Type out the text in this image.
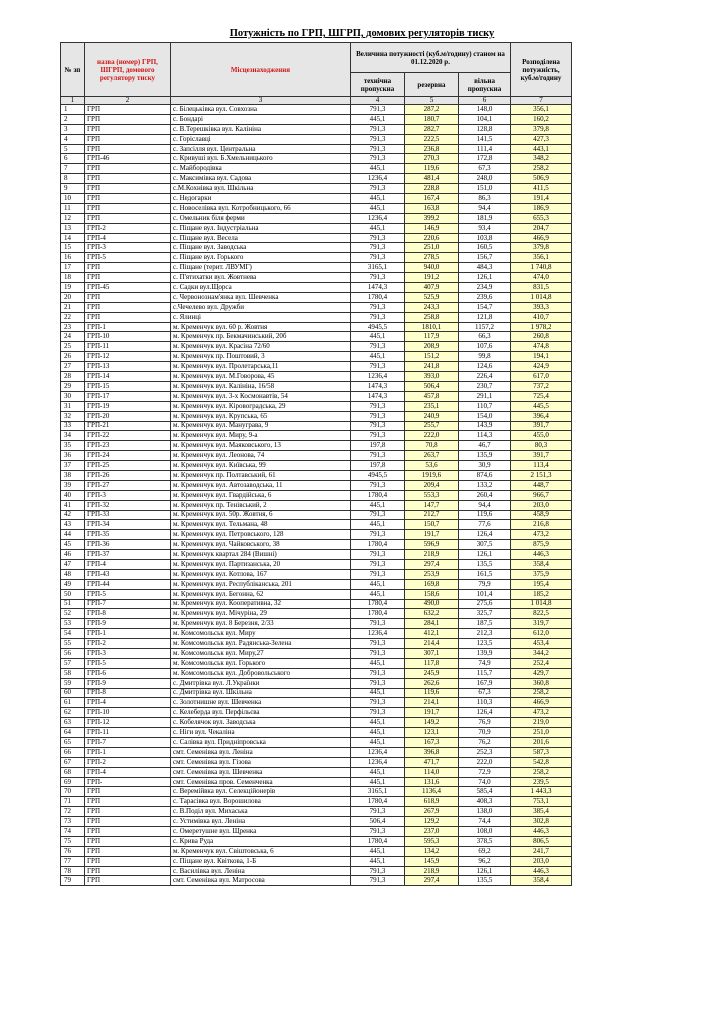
Потужність по ГРП, ШГРП, домових регуляторів тиску
№ зп	назва (номер) ГРП, ШГРП, домового регулятору тиску	Місцезнаходження	Величина потужності (куб.м/годину) станом на 01.12.2020 р.			Розподілена потужність, куб.м/годину
			технічна пропускна	резервна	вільна пропускна	
1	2	3	4	5	6	7
1	ГРП	с. Білецьківка вул. Совхозна	791,3	287,2	148,0	356,1
2	ГРП	с. Бондарі	445,1	180,7	104,1	160,2
3	ГРП	с. В.Терешківка вул. Калініна	791,3	282,7	128,8	379,8
4	ГРП	с. Горіславці	791,3	222,5	141,5	427,3
5	ГРП	с. Запсілля вул. Центральна	791,3	236,8	111,4	443,1
6	ГРП-46	с. Кривуші вул. Б.Хмельницького	791,3	270,3	172,8	348,2
7	ГРП	с. Майбородівка	445,1	119,6	67,3	258,2
8	ГРП	с. Максимівка вул. Садова	1236,4	481,4	248,0	506,9
9	ГРП	с.М.Кохнівка вул. Шкільна	791,3	228,8	151,0	411,5
10	ГРП	с. Недогарки	445,1	167,4	86,3	191,4
11	ГРП	с. Новоселівка вул. Котробницького, 66	445,1	163,8	94,4	186,9
12	ГРП	с. Омельник біля ферми	1236,4	399,2	181,9	655,3
13	ГРП-2	с. Піщане вул. Індустріальна	445,1	146,9	93,4	204,7
14	ГРП-4	с. Піщане вул. Весела	791,3	220,6	103,8	466,9
15	ГРП-3	с. Піщане вул. Заводська	791,3	251,0	160,5	379,8
16	ГРП-5	с. Піщане вул. Горького	791,3	278,5	156,7	356,1
17	ГРП	с. Піщане (терит. ЛВУМГ)	3165,1	940,0	484,3	1 740,8
18	ГРП	с. П'ятихатки вул. Жовтнева	791,3	191,2	126,1	474,0
19	ГРП-45	с. Садки вул.Щорса	1474,3	407,9	234,9	831,5
20	ГРП	с. Червонознам'янка вул. Шевченка	1780,4	525,9	239,6	1 014,8
21	ГРП	с.Чечелево вул. Дружби	791,3	243,3	154,7	393,3
22	ГРП	с. Ялинці	791,3	258,8	121,8	410,7
23	ГРП-1	м. Кременчук вул. 60 р. Жовтня	4945,5	1810,1	1157,2	1 978,2
24	ГРП-10	м. Кременчук пр. Бекмачинський, 20б	445,1	117,9	66,3	260,8
25	ГРП-11	м. Кременчук вул. Красіна 72/60	791,3	208,9	107,6	474,8
26	ГРП-12	м. Кременчук пр. Поштовий, 3	445,1	151,2	99,8	194,1
27	ГРП-13	м. Кременчук вул. Пролетарська,11	791,3	241,8	124,6	424,9
28	ГРП-14	м. Кременчук вул. М.Говорова, 45	1236,4	393,0	226,4	617,0
29	ГРП-15	м. Кременчук вул. Калініна, 16/58	1474,3	506,4	230,7	737,2
30	ГРП-17	м. Кременчук вул. 3-х Космонавтів, 54	1474,3	457,8	291,1	725,4
31	ГРП-19	м. Кременчук вул. Кіровоградська, 29	791,3	235,1	110,7	445,5
32	ГРП-20	м. Кременчук вул. Крупська, 65	791,3	240,9	154,0	396,4
33	ГРП-21	м. Кременчук вул. Мануграва, 9	791,3	255,7	143,9	391,7
34	ГРП-22	м. Кременчук вул. Миру, 9-а	791,3	222,0	114,3	455,0
35	ГРП-23	м. Кременчук вул. Маяковського, 13	197,8	70,8	46,7	80,3
36	ГРП-24	м. Кременчук вул. Леонова, 74	791,3	263,7	135,9	391,7
37	ГРП-25	м. Кременчук вул. Київська, 99	197,8	53,6	30,9	113,4
38	ГРП-26	м. Кременчук пр. Полтавський, 61	4945,5	1919,6	874,6	2 151,3
39	ГРП-27	м. Кременчук вул. Автозаводська, 11	791,3	209,4	133,2	448,7
40	ГРП-3	м. Кременчук вул. Гвардійська, 6	1780,4	553,3	260,4	966,7
41	ГРП-32	м. Кременчук пр. Тенівський, 2	445,1	147,7	94,4	203,0
42	ГРП-33	м. Кременчук вул. 50р. Жовтня, 6	791,3	212,7	119,6	458,9
43	ГРП-34	м. Кременчук вул. Тельмана, 48	445,1	150,7	77,6	216,8
44	ГРП-35	м. Кременчук вул. Петровського, 128	791,3	191,7	126,4	473,2
45	ГРП-36	м. Кременчук вул. Чайковського, 38	1780,4	596,9	307,5	875,9
46	ГРП-37	м. Кременчук квартал 284 (Вишні)	791,3	218,9	126,1	446,3
47	ГРП-4	м. Кременчук вул. Партизанська, 20	791,3	297,4	135,5	358,4
48	ГРП-43	м. Кременчук вул. Котлова, 167	791,3	253,9	161,5	375,9
49	ГРП-44	м. Кременчук вул. Республіканська, 201	445,1	169,8	79,9	195,4
50	ГРП-5	м. Кременчук вул. Бегонна, 62	445,1	158,6	101,4	185,2
51	ГРП-7	м. Кременчук вул. Кооперативна, 32	1780,4	490,0	275,6	1 014,8
52	ГРП-8	м. Кременчук вул. Мічуріна, 29	1780,4	632,2	325,7	822,5
53	ГРП-9	м. Кременчук вул. 8 Березня, 2/33	791,3	284,1	187,5	319,7
54	ГРП-1	м. Комсомольськ вул. Миру	1236,4	412,1	212,3	612,0
55	ГРП-2	м. Комсомольськ вул. Радянська-Зелена	791,3	214,4	123,5	453,4
56	ГРП-3	м. Комсомольськ вул. Миру,27	791,3	307,1	139,9	344,2
57	ГРП-5	м. Комсомольськ вул. Горького	445,1	117,8	74,9	252,4
58	ГРП-6	м. Комсомольськ вул. Добровольського	791,3	245,9	115,7	429,7
59	ГРП-9	с. Дмитрівка вул. Л.Українки	791,3	262,6	167,9	360,8
60	ГРП-8	с. Дмитрівка вул. Шкільна	445,1	119,6	67,3	258,2
61	ГРП-4	с. Золотнишне вул. Шевченка	791,3	214,1	110,3	466,9
62	ГРП-10	с. Келеберда вул. Перфільєва	791,3	191,7	126,4	473,2
63	ГРП-12	с. Кобелячок вул. Заводська	445,1	149,2	76,9	219,0
64	ГРП-11	с. Ніги вул. Чекаліна	445,1	123,1	70,9	251,0
65	ГРП-7	с. Салівка вул. Придніпровська	445,1	167,3	76,2	201,6
66	ГРП-1	смт. Семенівка вул. Леніна	1236,4	396,8	252,3	587,3
67	ГРП-2	смт. Семенівка вул. Гізова	1236,4	471,7	222,0	542,8
68	ГРП-4	смт. Семенівка вул. Шевченка	445,1	114,0	72,9	258,2
69	ГРП-	смт. Семенівка пров. Семенченка	445,1	131,6	74,0	239,5
70	ГРП	с. Веремійвка вул. Селекційонерів	3165,1	1136,4	585,4	1 443,3
71	ГРП	с. Тарасівка вул. Ворошилова	1780,4	618,9	408,3	753,1
72	ГРП	с. В.Поділ вул. Михаська	791,3	267,9	138,0	385,4
73	ГРП	с. Устимівка вул. Леніна	506,4	129,2	74,4	302,8
74	ГРП	с. Омеретушне вул. Щренка	791,3	237,0	108,0	446,3
75	ГРП	с. Крива Руда	1780,4	595,3	378,5	806,5
76	ГРП	м. Кременчук вул. Свіштовська, 6	445,1	134,2	69,2	241,7
77	ГРП	с. Піщане вул. Квіткова, 1-Б	445,1	145,9	96,2	203,0
78	ГРП	с. Василівка вул. Леніна	791,3	218,9	126,1	446,3
79	ГРП	смт. Семенівка вул. Матросова	791,3	297,4	135,5	358,4
